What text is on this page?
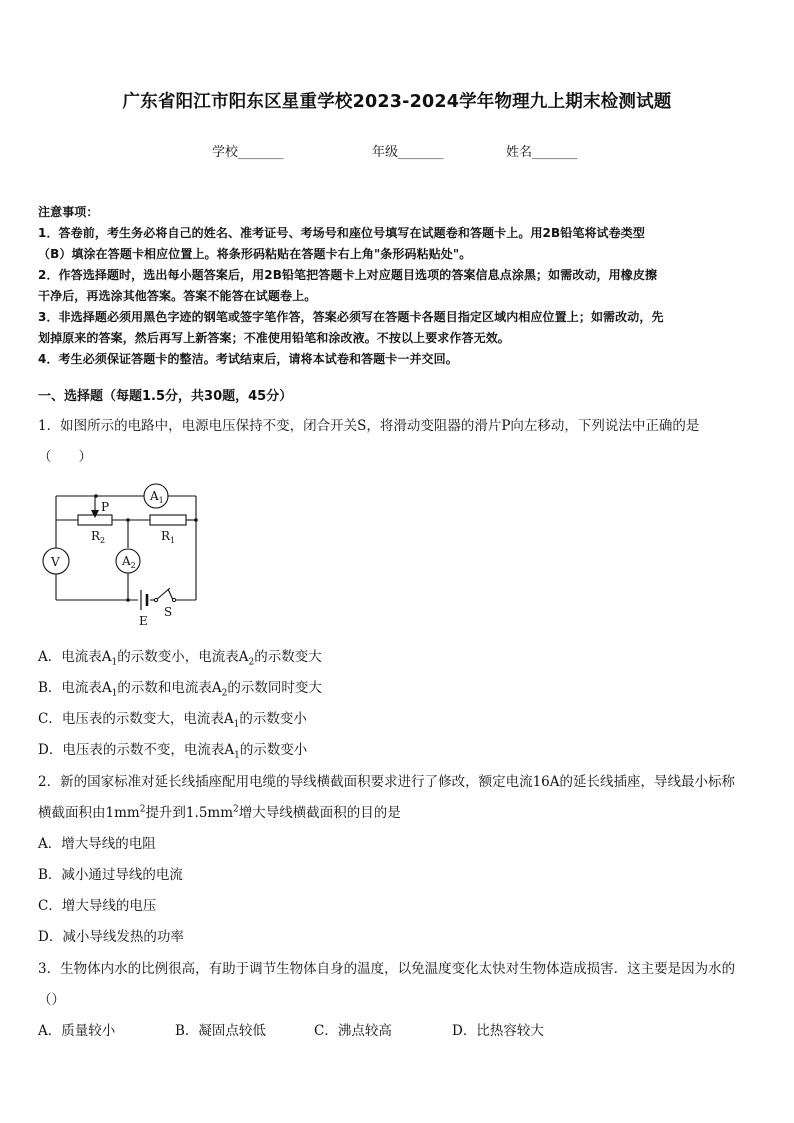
广东省阳江市阳东区星重学校2023-2024学年物理九上期末检测试题
学校_______	年级_______	姓名_______

注意事项：

1．答卷前，考生务必将自己的姓名、准考证号、考场号和座位号填写在试题卷和答题卡上。用2B铅笔将试卷类型

（B）填涂在答题卡相应位置上。将条形码粘贴在答题卡右上角"条形码粘贴处"。

2．作答选择题时，选出每小题答案后，用2B铅笔把答题卡上对应题目选项的答案信息点涂黑；如需改动，用橡皮擦

干净后，再选涂其他答案。答案不能答在试题卷上。

3．非选择题必须用黑色字迹的钢笔或签字笔作答，答案必须写在答题卡各题目指定区域内相应位置上；如需改动，先

划掉原来的答案，然后再写上新答案；不准使用铅笔和涂改液。不按以上要求作答无效。

4．考生必须保证答题卡的整洁。考试结束后，请将本试卷和答题卡一并交回。

一、选择题（每题1.5分，共30题，45分）
1．如图所示的电路中，电源电压保持不变，闭合开关S，将滑动变阻器的滑片P向左移动，下列说法中正确的是
（　　）
$A_1$
V	$A_2$
P
$R_2$	$R_1$
E
S
A．电流表$A_1$的示数变小，电流表$A_2$的示数变大
B．电流表$A_1$的示数和电流表$A_2$的示数同时变大
C．电压表的示数变大，电流表$A_1$的示数变小
D．电压表的示数不变，电流表$A_1$的示数变小
2．新的国家标准对延长线插座配用电缆的导线横截面积要求进行了修改，额定电流16A的延长线插座，导线最小标称
横截面积由$1mm^2$提升到$1.5mm^2$增大导线横截面积的目的是
A．增大导线的电阻
B．减小通过导线的电流
C．增大导线的电压
D．减小导线发热的功率
3．生物体内水的比例很高，有助于调节生物体自身的温度，以免温度变化太快对生物体造成损害．这主要是因为水的
（）
A．质量较小	B．凝固点较低	C．沸点较高	D．比热容较大
